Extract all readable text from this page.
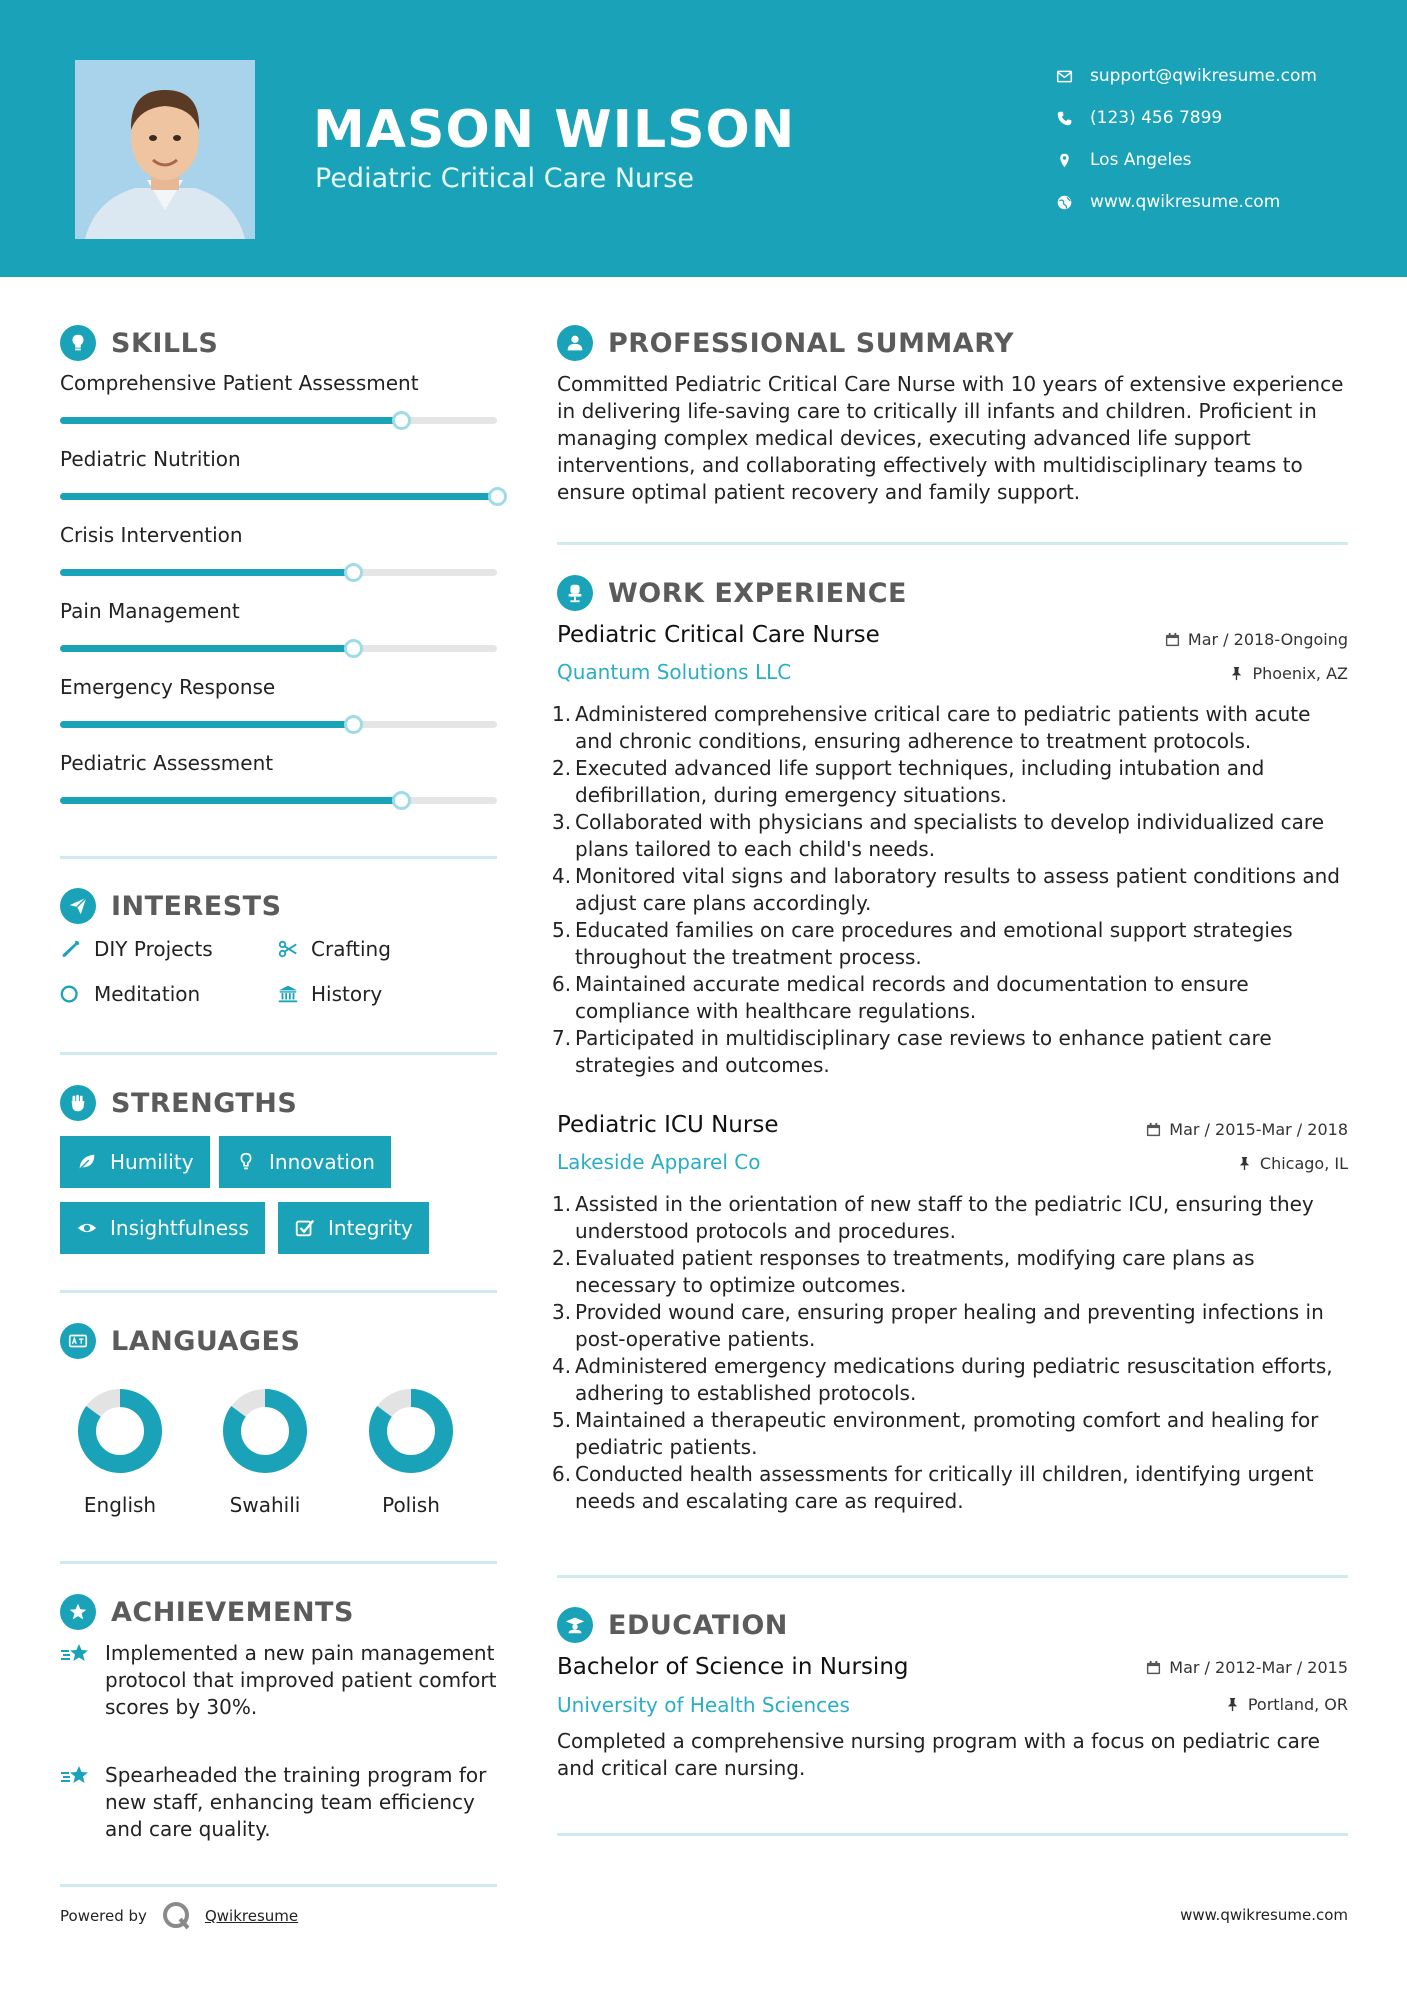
MASON WILSON
Pediatric Critical Care Nurse
support@qwikresume.com
(123) 456 7899
Los Angeles
www.qwikresume.com
SKILLS
Comprehensive Patient Assessment
Pediatric Nutrition
Crisis Intervention
Pain Management
Emergency Response
Pediatric Assessment
INTERESTS
DIY Projects	Crafting
Meditation	History
STRENGTHS
Humility	Innovation
Insightfulness	Integrity
LANGUAGES
English	Swahili	Polish
ACHIEVEMENTS
Implemented a new pain management protocol that improved patient comfort scores by 30%.
Spearheaded the training program for new staff, enhancing team efficiency and care quality.
PROFESSIONAL SUMMARY
Committed Pediatric Critical Care Nurse with 10 years of extensive experience in delivering life-saving care to critically ill infants and children. Proficient in managing complex medical devices, executing advanced life support interventions, and collaborating effectively with multidisciplinary teams to ensure optimal patient recovery and family support.
WORK EXPERIENCE
Pediatric Critical Care Nurse	Mar / 2018-Ongoing
Quantum Solutions LLC	Phoenix, AZ
1. Administered comprehensive critical care to pediatric patients with acute and chronic conditions, ensuring adherence to treatment protocols.
2. Executed advanced life support techniques, including intubation and defibrillation, during emergency situations.
3. Collaborated with physicians and specialists to develop individualized care plans tailored to each child's needs.
4. Monitored vital signs and laboratory results to assess patient conditions and adjust care plans accordingly.
5. Educated families on care procedures and emotional support strategies throughout the treatment process.
6. Maintained accurate medical records and documentation to ensure compliance with healthcare regulations.
7. Participated in multidisciplinary case reviews to enhance patient care strategies and outcomes.
Pediatric ICU Nurse	Mar / 2015-Mar / 2018
Lakeside Apparel Co	Chicago, IL
1. Assisted in the orientation of new staff to the pediatric ICU, ensuring they understood protocols and procedures.
2. Evaluated patient responses to treatments, modifying care plans as necessary to optimize outcomes.
3. Provided wound care, ensuring proper healing and preventing infections in post-operative patients.
4. Administered emergency medications during pediatric resuscitation efforts, adhering to established protocols.
5. Maintained a therapeutic environment, promoting comfort and healing for pediatric patients.
6. Conducted health assessments for critically ill children, identifying urgent needs and escalating care as required.
EDUCATION
Bachelor of Science in Nursing	Mar / 2012-Mar / 2015
University of Health Sciences	Portland, OR
Completed a comprehensive nursing program with a focus on pediatric care and critical care nursing.
Powered by	Qwikresume	www.qwikresume.com
